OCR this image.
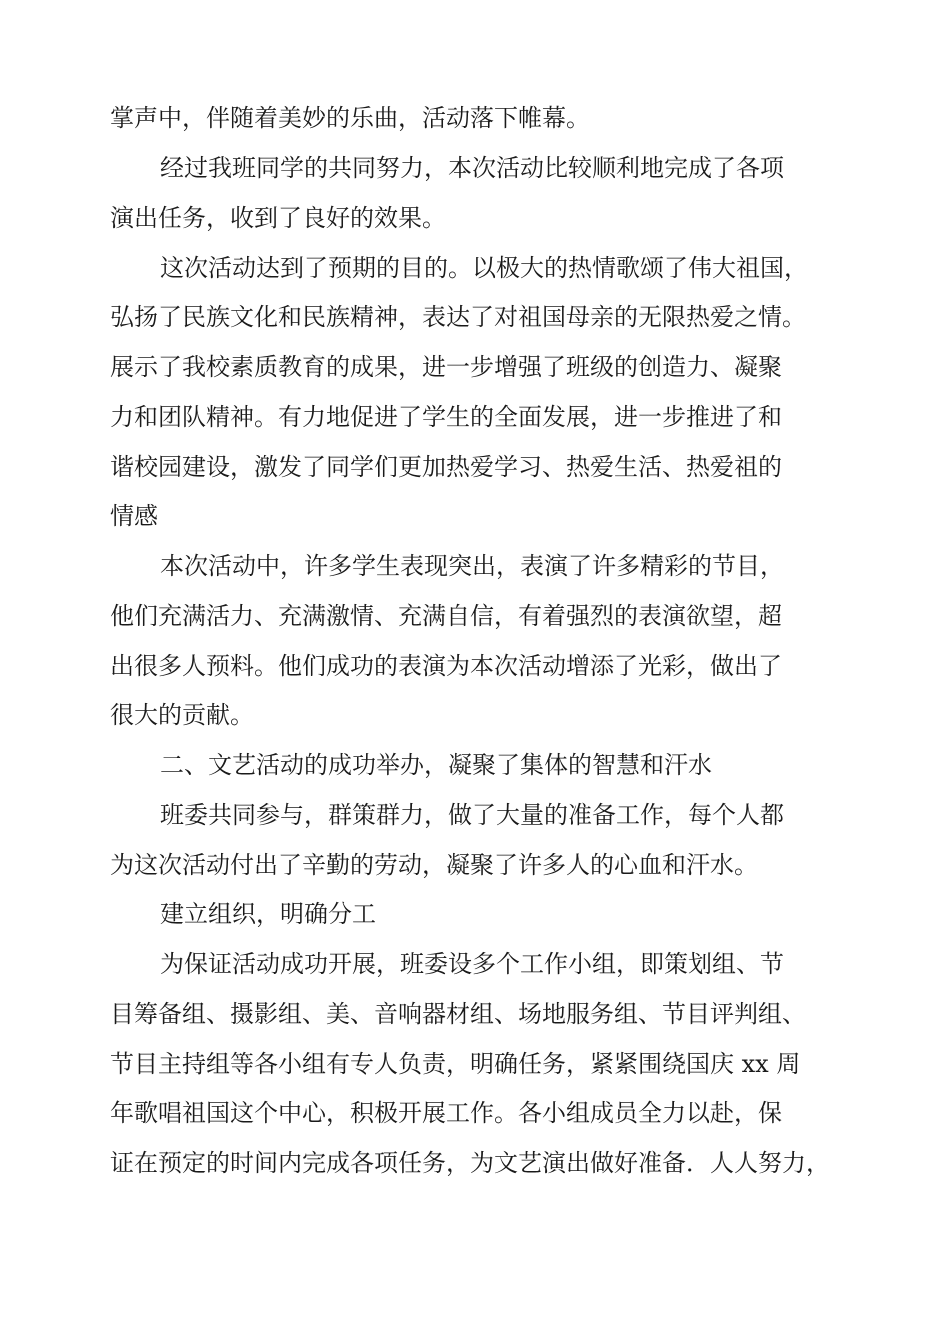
掌声中，伴随着美妙的乐曲，活动落下帷幕。
经过我班同学的共同努力，本次活动比较顺利地完成了各项
演出任务，收到了良好的效果。
这次活动达到了预期的目的。以极大的热情歌颂了伟大祖国，
弘扬了民族文化和民族精神，表达了对祖国母亲的无限热爱之情。
展示了我校素质教育的成果，进一步增强了班级的创造力、凝聚
力和团队精神。有力地促进了学生的全面发展，进一步推进了和
谐校园建设，激发了同学们更加热爱学习、热爱生活、热爱祖的
情感
本次活动中，许多学生表现突出，表演了许多精彩的节目，
他们充满活力、充满激情、充满自信，有着强烈的表演欲望，超
出很多人预料。他们成功的表演为本次活动增添了光彩，做出了
很大的贡献。
二、文艺活动的成功举办，凝聚了集体的智慧和汗水
班委共同参与，群策群力，做了大量的准备工作，每个人都
为这次活动付出了辛勤的劳动，凝聚了许多人的心血和汗水。
建立组织，明确分工
为保证活动成功开展，班委设多个工作小组，即策划组、节
目筹备组、摄影组、美、音响器材组、场地服务组、节目评判组、
节目主持组等各小组有专人负责，明确任务，紧紧围绕国庆 xx 周
年歌唱祖国这个中心，积极开展工作。各小组成员全力以赴，保
证在预定的时间内完成各项任务，为文艺演出做好准备．人人努力，
